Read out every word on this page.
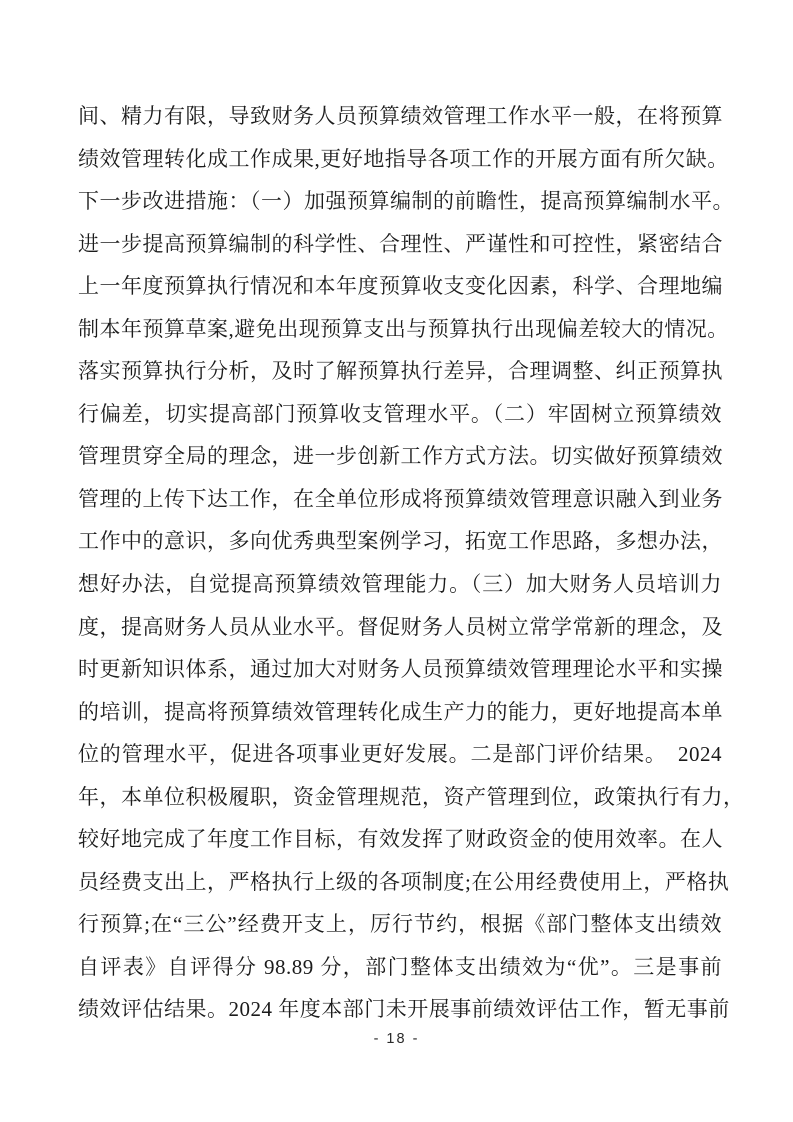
间、精力有限，导致财务人员预算绩效管理工作水平一般，在将预算
绩效管理转化成工作成果,更好地指导各项工作的开展方面有所欠缺。
下一步改进措施：（一）加强预算编制的前瞻性，提高预算编制水平。
进一步提高预算编制的科学性、合理性、严谨性和可控性，紧密结合
上一年度预算执行情况和本年度预算收支变化因素，科学、合理地编
制本年预算草案,避免出现预算支出与预算执行出现偏差较大的情况。
落实预算执行分析，及时了解预算执行差异，合理调整、纠正预算执
行偏差，切实提高部门预算收支管理水平。（二）牢固树立预算绩效
管理贯穿全局的理念，进一步创新工作方式方法。切实做好预算绩效
管理的上传下达工作，在全单位形成将预算绩效管理意识融入到业务
工作中的意识，多向优秀典型案例学习，拓宽工作思路，多想办法，
想好办法，自觉提高预算绩效管理能力。（三）加大财务人员培训力
度，提高财务人员从业水平。督促财务人员树立常学常新的理念，及
时更新知识体系，通过加大对财务人员预算绩效管理理论水平和实操
的培训，提高将预算绩效管理转化成生产力的能力，更好地提高本单
位的管理水平，促进各项事业更好发展。二是部门评价结果。　2024
年，本单位积极履职，资金管理规范，资产管理到位，政策执行有力，
较好地完成了年度工作目标，有效发挥了财政资金的使用效率。在人
员经费支出上，严格执行上级的各项制度;在公用经费使用上，严格执
行预算;在“三公”经费开支上，厉行节约，根据《部门整体支出绩效
自评表》自评得分 98.89 分，部门整体支出绩效为“优”。三是事前
绩效评估结果。2024 年度本部门未开展事前绩效评估工作，暂无事前
- 18 -
